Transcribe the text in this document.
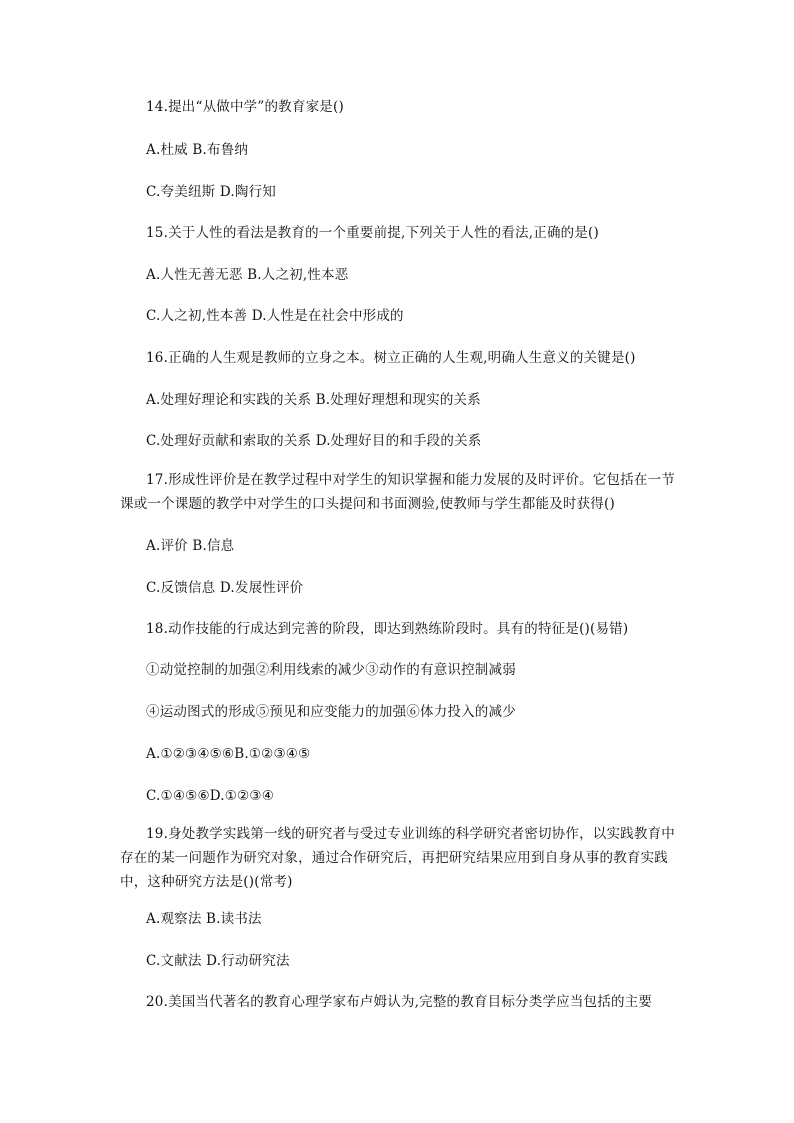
14.提出“从做中学”的教育家是()
A.杜威 B.布鲁纳
C.夸美纽斯 D.陶行知
15.关于人性的看法是教育的一个重要前提,下列关于人性的看法,正确的是()
A.人性无善无恶 B.人之初,性本恶
C.人之初,性本善 D.人性是在社会中形成的
16.正确的人生观是教师的立身之本。树立正确的人生观,明确人生意义的关键是()
A.处理好理论和实践的关系 B.处理好理想和现实的关系
C.处理好贡献和索取的关系 D.处理好目的和手段的关系
17.形成性评价是在教学过程中对学生的知识掌握和能力发展的及时评价。它包括在一节课或一个课题的教学中对学生的口头提问和书面测验,使教师与学生都能及时获得()
A.评价 B.信息
C.反馈信息 D.发展性评价
18.动作技能的行成达到完善的阶段，即达到熟练阶段时。具有的特征是()(易错)
①动觉控制的加强②利用线索的减少③动作的有意识控制减弱
④运动图式的形成⑤预见和应变能力的加强⑥体力投入的减少
A.①②③④⑤⑥B.①②③④⑤
C.①④⑤⑥D.①②③④
19.身处教学实践第一线的研究者与受过专业训练的科学研究者密切协作，以实践教育中存在的某一问题作为研究对象，通过合作研究后，再把研究结果应用到自身从事的教育实践中，这种研究方法是()(常考)
A.观察法 B.读书法
C.文献法 D.行动研究法
20.美国当代著名的教育心理学家布卢姆认为,完整的教育目标分类学应当包括的主要
